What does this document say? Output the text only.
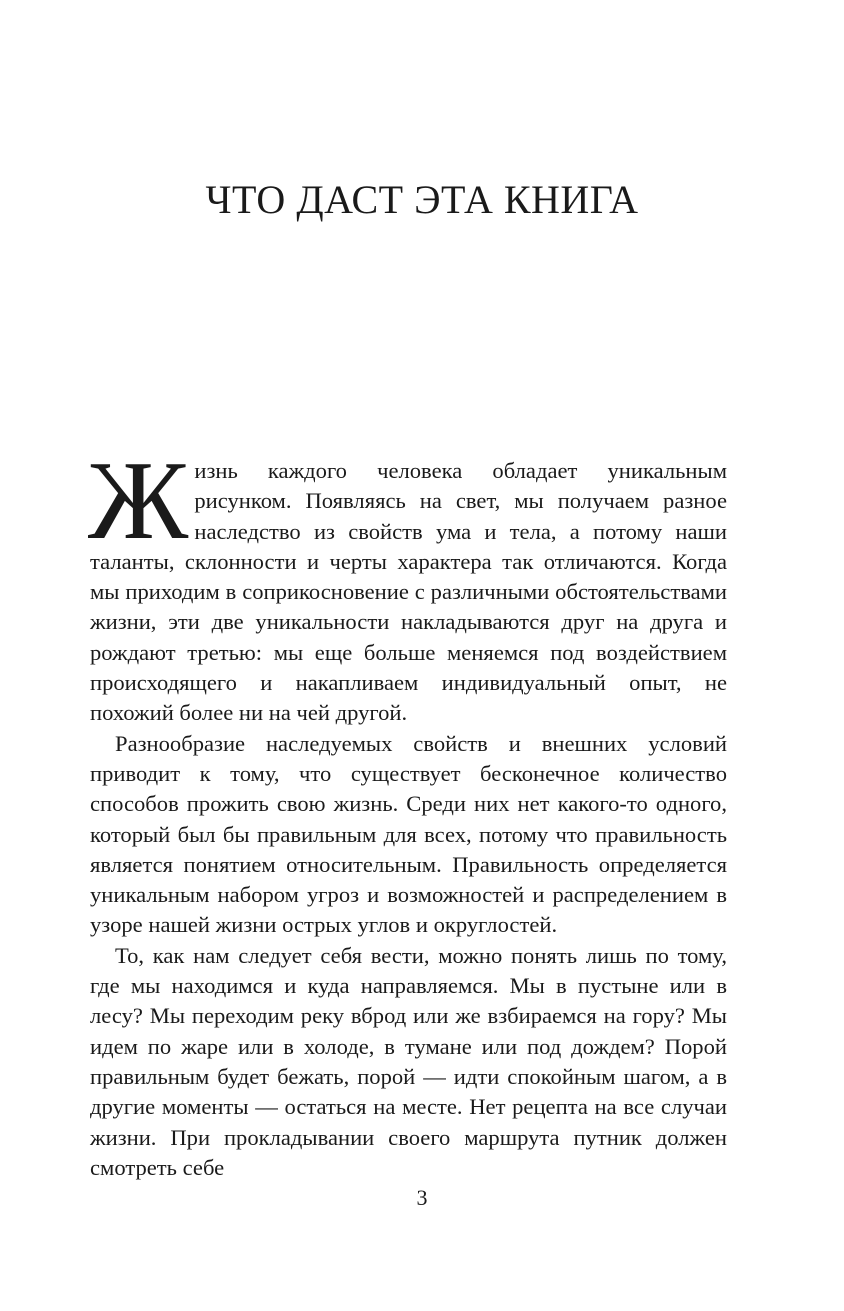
ЧТО ДАСТ ЭТА КНИГА

Жизнь каждого человека обладает уникальным рисунком. Появляясь на свет, мы получаем разное наследство из свойств ума и тела, а потому наши таланты, склонности и черты характера так отличаются. Когда мы приходим в соприкосновение с различными обстоятельствами жизни, эти две уникальности накладываются друг на друга и рождают третью: мы еще больше меняемся под воздействием происходящего и накапливаем индивидуальный опыт, не похожий более ни на чей другой.

Разнообразие наследуемых свойств и внешних условий приводит к тому, что существует бесконечное количество способов прожить свою жизнь. Среди них нет какого-то одного, который был бы правильным для всех, потому что правильность является понятием относительным. Правильность определяется уникальным набором угроз и возможностей и распределением в узоре нашей жизни острых углов и округлостей.

То, как нам следует себя вести, можно понять лишь по тому, где мы находимся и куда направляемся. Мы в пустыне или в лесу? Мы переходим реку вброд или же взбираемся на гору? Мы идем по жаре или в холоде, в тумане или под дождем? Порой правильным будет бежать, порой — идти спокойным шагом, а в другие моменты — остаться на месте. Нет рецепта на все случаи жизни. При прокладывании своего маршрута путник должен смотреть себе

3
